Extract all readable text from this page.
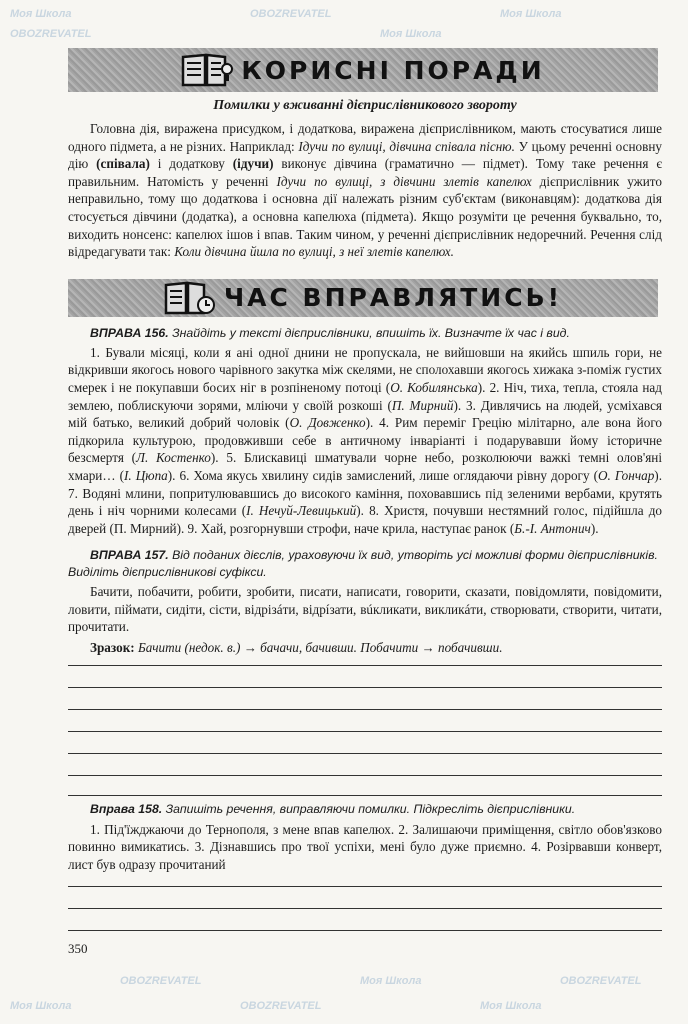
Моя Школа	OBOZREVATEL	Моя Школа
OBOZREVATEL	Моя Школа
OBOZREVATEL	Моя Школа	OBOZREVATEL
Моя Школа	OBOZREVATEL	Моя Школа
КОРИСНІ ПОРАДИ
Помилки у вживанні дієприслівникового звороту
Головна дія, виражена присудком, і додаткова, виражена дієприслівником, мають стосуватися лише одного підмета, а не різних. Наприклад: Ідучи по вулиці, дівчина співала пісню. У цьому реченні основну дію (співала) і додаткову (ідучи) виконує дівчина (граматично — підмет). Тому таке речення є правильним. Натомість у реченні Ідучи по вулиці, з дівчини злетів капелюх дієприслівник ужито неправильно, тому що додаткова і основна дії належать різним суб'єктам (виконавцям): додаткова дія стосується дівчини (додатка), а основна капелюха (підмета). Якщо розуміти це речення буквально, то, виходить нонсенс: капелюх ішов і впав. Таким чином, у реченні дієприслівник недоречний. Речення слід відредагувати так: Коли дівчина йшла по вулиці, з неї злетів капелюх.
ЧАС ВПРАВЛЯТИСЬ!
ВПРАВА 156. Знайдіть у тексті дієприслівники, впишіть їх. Визначте їх час і вид.
1. Бували місяці, коли я ані одної днини не пропускала, не вийшовши на якийсь шпиль гори, не відкривши якогось нового чарівного закутка між скелями, не сполохавши якогось хижака з-поміж густих смерек і не покупавши босих ніг в розпіненому потоці (О. Кобилянська). 2. Ніч, тиха, тепла, стояла над землею, поблискуючи зорями, мліючи у своїй розкоші (П. Мирний). 3. Дивлячись на людей, усміхався мій батько, великий добрий чоловік (О. Довженко). 4. Рим переміг Грецію мілітарно, але вона його підкорила культурою, продовживши себе в античному інваріанті і подарувавши йому історичне безсмертя (Л. Костенко). 5. Блискавиці шматували чорне небо, розколюючи важкі темні олов'яні хмари… (І. Цюпа). 6. Хома якусь хвилину сидів замислений, лише оглядаючи рівну дорогу (О. Гончар). 7. Водяні млини, попритулювавшись до високого каміння, поховавшись під зеленими вербами, крутять день і ніч чорними колесами (І. Нечуй-Левицький). 8. Христя, почувши нестямний голос, підійшла до дверей (П. Мирний). 9. Хай, розгорнувши строфи, наче крила, наступає ранок (Б.-І. Антонич).
ВПРАВА 157. Від поданих дієслів, ураховуючи їх вид, утворіть усі можливі форми дієприслівників. Виділіть дієприслівникові суфікси.
Бачити, побачити, робити, зробити, писати, написати, говорити, сказати, повідомляти, повідомити, ловити, піймати, сидіти, сісти, відрізáти, відрíзати, вúкликати, викликáти, створювати, створити, читати, прочитати.
Зразок: Бачити (недок. в.) → бачачи, бачивши. Побачити → побачивши.
Вправа 158. Запишіть речення, виправляючи помилки. Підкресліть дієприслівники.
1. Під'їжджаючи до Тернополя, з мене впав капелюх. 2. Залишаючи приміщення, світло обов'язково повинно вимикатись. 3. Дізнавшись про твої успіхи, мені було дуже приємно. 4. Розірвавши конверт, лист був одразу прочитаний
350
